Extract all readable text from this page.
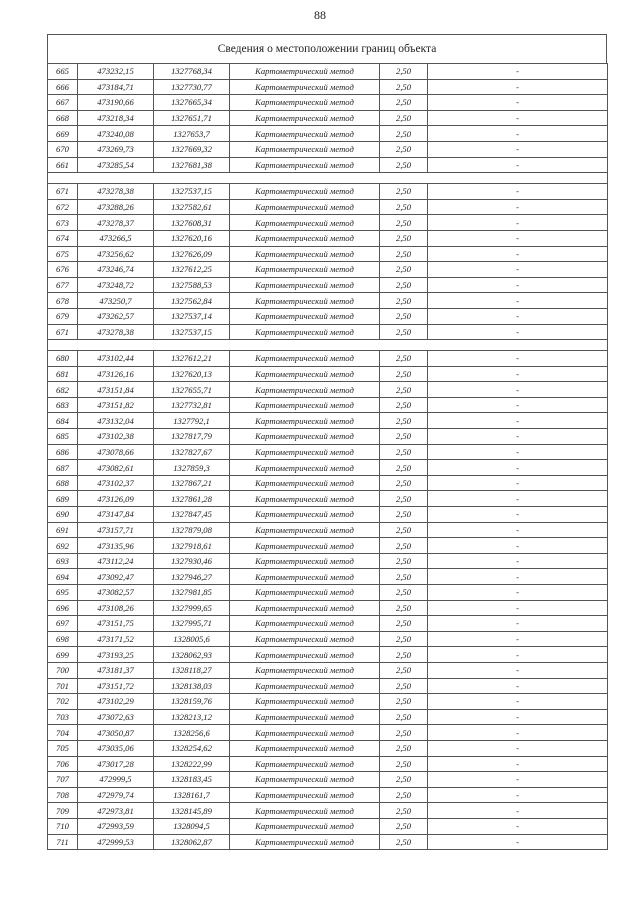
88
Сведения о местоположении границ объекта
665	473232,15	1327768,34	Картометрический метод	2,50	-
666	473184,71	1327730,77	Картометрический метод	2,50	-
667	473190,66	1327665,34	Картометрический метод	2,50	-
668	473218,34	1327651,71	Картометрический метод	2,50	-
669	473240,08	1327653,7	Картометрический метод	2,50	-
670	473269,73	1327669,32	Картометрический метод	2,50	-
661	473285,54	1327681,38	Картометрический метод	2,50	-

671	473278,38	1327537,15	Картометрический метод	2,50	-
672	473288,26	1327582,61	Картометрический метод	2,50	-
673	473278,37	1327608,31	Картометрический метод	2,50	-
674	473266,5	1327620,16	Картометрический метод	2,50	-
675	473256,62	1327626,09	Картометрический метод	2,50	-
676	473246,74	1327612,25	Картометрический метод	2,50	-
677	473248,72	1327588,53	Картометрический метод	2,50	-
678	473250,7	1327562,84	Картометрический метод	2,50	-
679	473262,57	1327537,14	Картометрический метод	2,50	-
671	473278,38	1327537,15	Картометрический метод	2,50	-

680	473102,44	1327612,21	Картометрический метод	2,50	-
681	473126,16	1327620,13	Картометрический метод	2,50	-
682	473151,84	1327655,71	Картометрический метод	2,50	-
683	473151,82	1327732,81	Картометрический метод	2,50	-
684	473132,04	1327792,1	Картометрический метод	2,50	-
685	473102,38	1327817,79	Картометрический метод	2,50	-
686	473078,66	1327827,67	Картометрический метод	2,50	-
687	473082,61	1327859,3	Картометрический метод	2,50	-
688	473102,37	1327867,21	Картометрический метод	2,50	-
689	473126,09	1327861,28	Картометрический метод	2,50	-
690	473147,84	1327847,45	Картометрический метод	2,50	-
691	473157,71	1327879,08	Картометрический метод	2,50	-
692	473135,96	1327918,61	Картометрический метод	2,50	-
693	473112,24	1327930,46	Картометрический метод	2,50	-
694	473092,47	1327946,27	Картометрический метод	2,50	-
695	473082,57	1327981,85	Картометрический метод	2,50	-
696	473108,26	1327999,65	Картометрический метод	2,50	-
697	473151,75	1327995,71	Картометрический метод	2,50	-
698	473171,52	1328005,6	Картометрический метод	2,50	-
699	473193,25	1328062,93	Картометрический метод	2,50	-
700	473181,37	1328118,27	Картометрический метод	2,50	-
701	473151,72	1328138,03	Картометрический метод	2,50	-
702	473102,29	1328159,76	Картометрический метод	2,50	-
703	473072,63	1328213,12	Картометрический метод	2,50	-
704	473050,87	1328256,6	Картометрический метод	2,50	-
705	473035,06	1328254,62	Картометрический метод	2,50	-
706	473017,28	1328222,99	Картометрический метод	2,50	-
707	472999,5	1328183,45	Картометрический метод	2,50	-
708	472979,74	1328161,7	Картометрический метод	2,50	-
709	472973,81	1328145,89	Картометрический метод	2,50	-
710	472993,59	1328094,5	Картометрический метод	2,50	-
711	472999,53	1328062,87	Картометрический метод	2,50	-
